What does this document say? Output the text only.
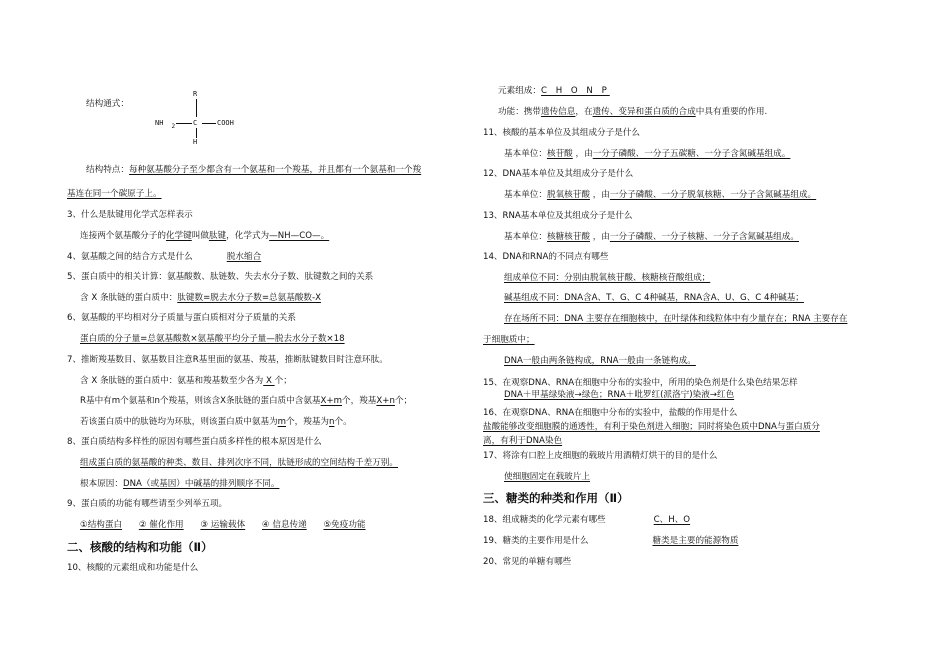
结构通式：
R
NH 2	C	COOH
H
结构特点：每种氨基酸分子至少都含有一个氨基和一个羧基，并且都有一个氨基和一个羧
基连在同一个碳原子上。
3、什么是肽键用化学式怎样表示
连接两个氨基酸分子的化学键叫做肽键，化学式为—NH—CO—。
4、氨基酸之间的结合方式是什么	脱水缩合
5、蛋白质中的相关计算：氨基酸数、肽链数、失去水分子数、肽键数之间的关系
含 X 条肽链的蛋白质中：肽键数=脱去水分子数=总氨基酸数-X
6、氨基酸的平均相对分子质量与蛋白质相对分子质量的关系
蛋白质的分子量=总氨基酸数×氨基酸平均分子量—脱去水分子数×18
7、推断羧基数目、氨基数目注意R基里面的氨基、羧基，推断肽键数目时注意环肽。
含 X 条肽链的蛋白质中：氨基和羧基数至少各为 X 个；
R基中有m个氨基和n个羧基，则该含X条肽链的蛋白质中含氨基X+m个，羧基X+n个；
若该蛋白质中的肽链均为环肽，则该蛋白质中氨基为m个，羧基为n个。
8、蛋白质结构多样性的原因有哪些蛋白质多样性的根本原因是什么
组成蛋白质的氨基酸的种类、数目、排列次序不同，肽链形成的空间结构千差万别。
根本原因：DNA（或基因）中碱基的排列顺序不同。
9、蛋白质的功能有哪些请至少列举五项。
①结构蛋白 ② 催化作用 ③ 运输载体 ④ 信息传递 ⑤免疫功能
二、核酸的结构和功能（Ⅱ）
10、核酸的元素组成和功能是什么
元素组成：C H O N P
功能：携带遗传信息，在遗传、变异和蛋白质的合成中具有重要的作用.
11、核酸的基本单位及其组成分子是什么
基本单位：核苷酸 ，由一分子磷酸、一分子五碳糖、一分子含氮碱基组成。
12、DNA基本单位及其组成分子是什么
基本单位：脱氧核苷酸 ，由一分子磷酸、一分子脱氧核糖、一分子含氮碱基组成。
13、RNA基本单位及其组成分子是什么
基本单位：核糖核苷酸 ，由一分子磷酸、一分子核糖、一分子含氮碱基组成。
14、DNA和RNA的不同点有哪些
组成单位不同：分别由脱氧核苷酸、核糖核苷酸组成；
碱基组成不同：DNA含A、T、G、C 4种碱基，RNA含A、U、G、C 4种碱基；
存在场所不同：DNA 主要存在细胞核中，在叶绿体和线粒体中有少量存在；RNA 主要存在
于细胞质中；
DNA一般由两条链构成，RNA一般由一条链构成。
15、在观察DNA、RNA在细胞中分布的实验中，所用的染色剂是什么染色结果怎样
DNA＋甲基绿染液→绿色；RNA＋吡罗红(派洛宁)染液→红色
16、在观察DNA、RNA在细胞中分布的实验中，盐酸的作用是什么
盐酸能够改变细胞膜的通透性，有利于染色剂进入细胞；同时将染色质中DNA与蛋白质分
离，有利于DNA染色
17、将涂有口腔上皮细胞的载玻片用酒精灯烘干的目的是什么
使细胞固定在载玻片上
三、糖类的种类和作用（Ⅱ）
18、组成糖类的化学元素有哪些	C、H、O
19、糖类的主要作用是什么	糖类是主要的能源物质
20、常见的单糖有哪些
